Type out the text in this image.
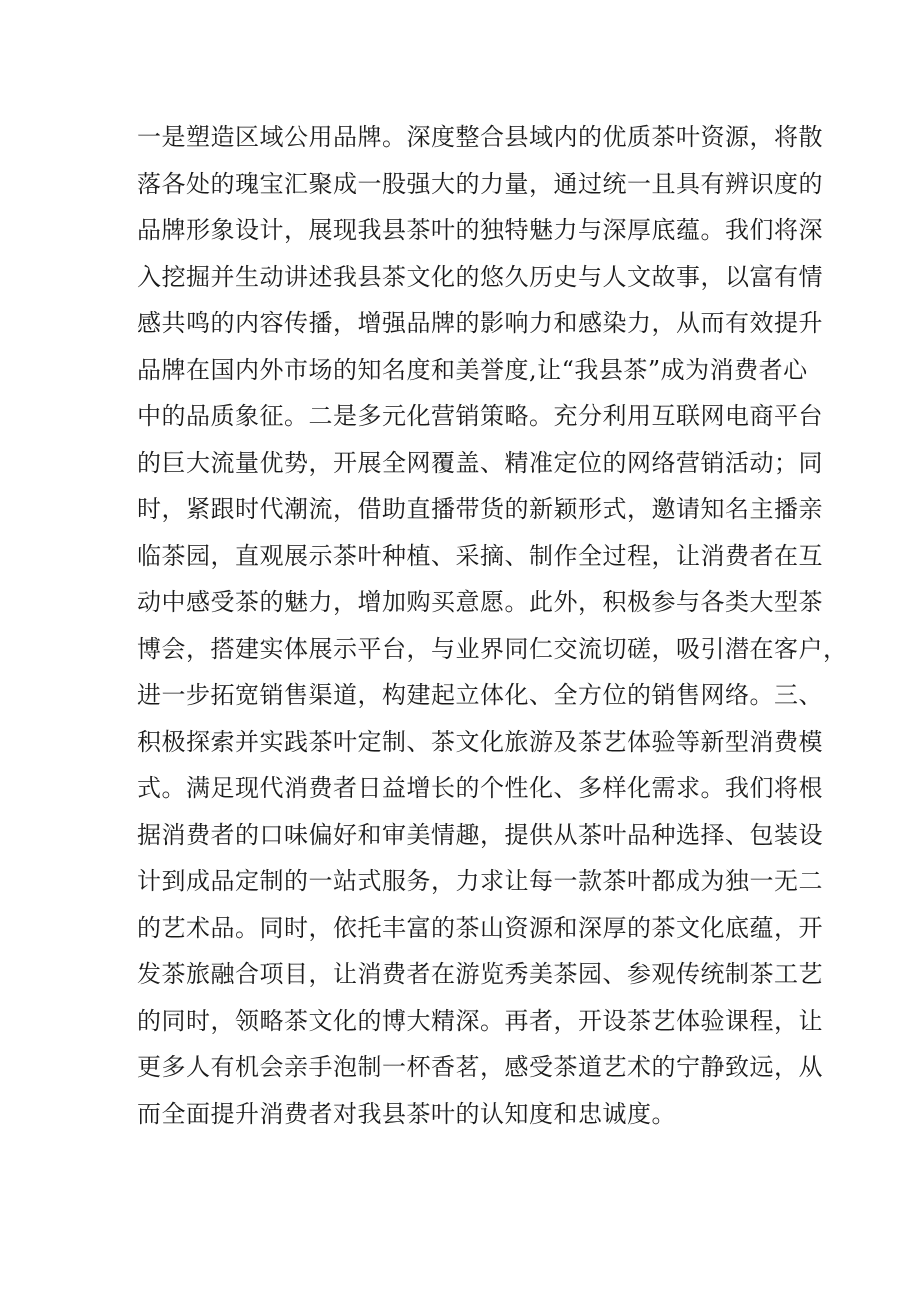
一是塑造区域公用品牌。深度整合县域内的优质茶叶资源，将散
落各处的瑰宝汇聚成一股强大的力量，通过统一且具有辨识度的
品牌形象设计，展现我县茶叶的独特魅力与深厚底蕴。我们将深
入挖掘并生动讲述我县茶文化的悠久历史与人文故事，以富有情
感共鸣的内容传播，增强品牌的影响力和感染力，从而有效提升
品牌在国内外市场的知名度和美誉度,让“我县茶”成为消费者心
中的品质象征。二是多元化营销策略。充分利用互联网电商平台
的巨大流量优势，开展全网覆盖、精准定位的网络营销活动；同
时，紧跟时代潮流，借助直播带货的新颖形式，邀请知名主播亲
临茶园，直观展示茶叶种植、采摘、制作全过程，让消费者在互
动中感受茶的魅力，增加购买意愿。此外，积极参与各类大型茶
博会，搭建实体展示平台，与业界同仁交流切磋，吸引潜在客户，
进一步拓宽销售渠道，构建起立体化、全方位的销售网络。三、
积极探索并实践茶叶定制、茶文化旅游及茶艺体验等新型消费模
式。满足现代消费者日益增长的个性化、多样化需求。我们将根
据消费者的口味偏好和审美情趣，提供从茶叶品种选择、包装设
计到成品定制的一站式服务，力求让每一款茶叶都成为独一无二
的艺术品。同时，依托丰富的茶山资源和深厚的茶文化底蕴，开
发茶旅融合项目，让消费者在游览秀美茶园、参观传统制茶工艺
的同时，领略茶文化的博大精深。再者，开设茶艺体验课程，让
更多人有机会亲手泡制一杯香茗，感受茶道艺术的宁静致远，从
而全面提升消费者对我县茶叶的认知度和忠诚度。
